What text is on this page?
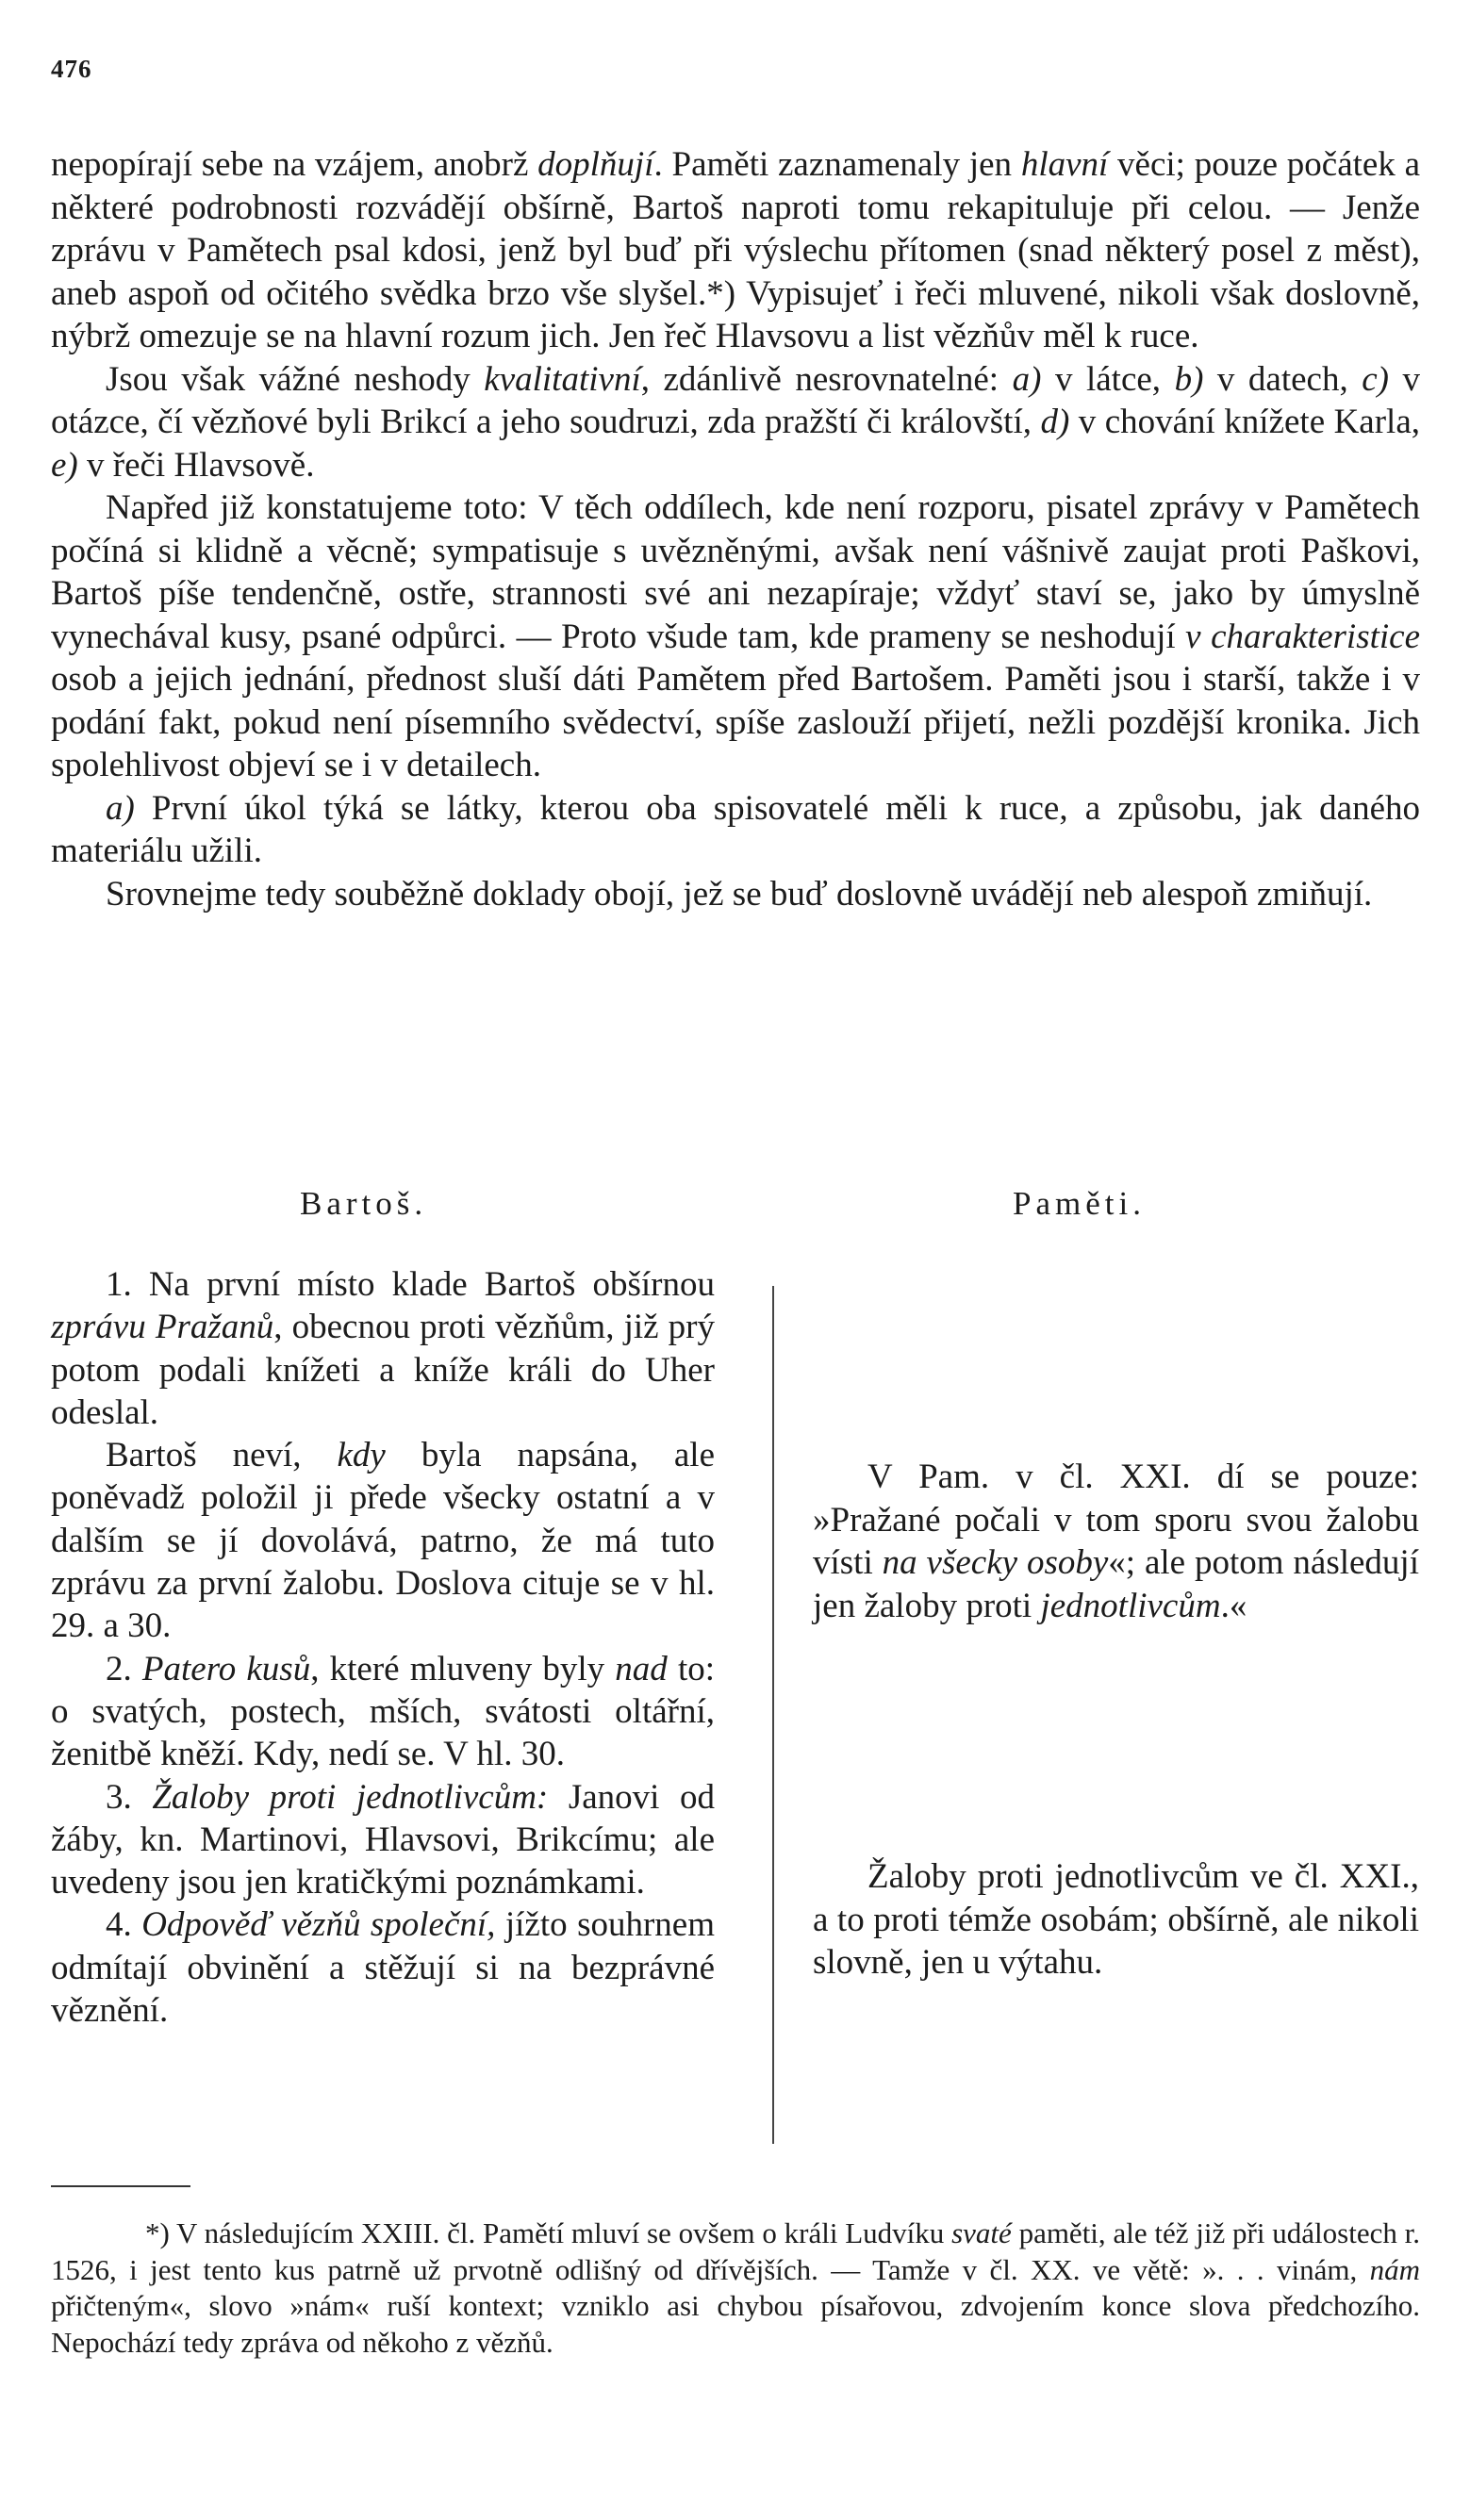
476

nepopírají sebe na vzájem, anobrž doplňují. Paměti zaznamenaly jen hlavní věci; pouze počátek a některé podrobnosti rozvádějí obšírně, Bartoš naproti tomu rekapituluje při celou. — Jenže zprávu v Pamětech psal kdosi, jenž byl buď při výslechu přítomen (snad některý posel z měst), aneb aspoň od očitého svědka brzo vše slyšel.*) Vypisujeť i řeči mluvené, nikoli však doslovně, nýbrž omezuje se na hlavní rozum jich. Jen řeč Hlavsovu a list vězňův měl k ruce.

Jsou však vážné neshody kvalitativní, zdánlivě nesrovnatelné: a) v látce, b) v datech, c) v otázce, čí vězňové byli Brikcí a jeho soudruzi, zda pražští či královští, d) v chování knížete Karla, e) v řeči Hlavsově.

Napřed již konstatujeme toto: V těch oddílech, kde není rozporu, pisatel zprávy v Pamětech počíná si klidně a věcně; sympatisuje s uvězněnými, avšak není vášnivě zaujat proti Paškovi, Bartoš píše tendenčně, ostře, strannosti své ani nezapíraje; vždyť staví se, jako by úmyslně vynechával kusy, psané odpůrci. — Proto všude tam, kde prameny se neshodují v charakteristice osob a jejich jednání, přednost sluší dáti Pamětem před Bartošem. Paměti jsou i starší, takže i v podání fakt, pokud není písemního svědectví, spíše zaslouží přijetí, nežli pozdější kronika. Jich spolehlivost objeví se i v detailech.

a) První úkol týká se látky, kterou oba spisovatelé měli k ruce, a způsobu, jak daného materiálu užili.

Srovnejme tedy souběžně doklady obojí, jež se buď doslovně uvádějí neb alespoň zmiňují.

Bartoš.	Paměti.

1. Na první místo klade Bartoš obšírnou zprávu Pražanů, obecnou proti vězňům, již prý potom podali knížeti a kníže králi do Uher odeslal.

Bartoš neví, kdy byla napsána, ale poněvadž položil ji přede všecky ostatní a v dalším se jí dovolává, patrno, že má tuto zprávu za první žalobu. Doslova cituje se v hl. 29. a 30.

2. Patero kusů, které mluveny byly nad to: o svatých, postech, mších, svátosti oltářní, ženitbě kněží. Kdy, nedí se. V hl. 30.

3. Žaloby proti jednotlivcům: Janovi od žáby, kn. Martinovi, Hlavsovi, Brikcímu; ale uvedeny jsou jen kratičkými poznámkami.

4. Odpověď vězňů společní, jížto souhrnem odmítají obvinění a stěžují si na bezprávné věznění.

V Pam. v čl. XXI. dí se pouze: »Pražané počali v tom sporu svou žalobu vísti na všecky osoby«; ale potom následují jen žaloby proti jednotlivcům.«

Žaloby proti jednotlivcům ve čl. XXI., a to proti témže osobám; obšírně, ale nikoli slovně, jen u výtahu.

*) V následujícím XXIII. čl. Pamětí mluví se ovšem o králi Ludvíku svaté paměti, ale též již při událostech r. 1526, i jest tento kus patrně už prvotně odlišný od dřívějších. — Tamže v čl. XX. ve větě: ». . . vinám, nám přičteným«, slovo »nám« ruší kontext; vzniklo asi chybou písařovou, zdvojením konce slova předchozího. Nepochází tedy zpráva od někoho z vězňů.
